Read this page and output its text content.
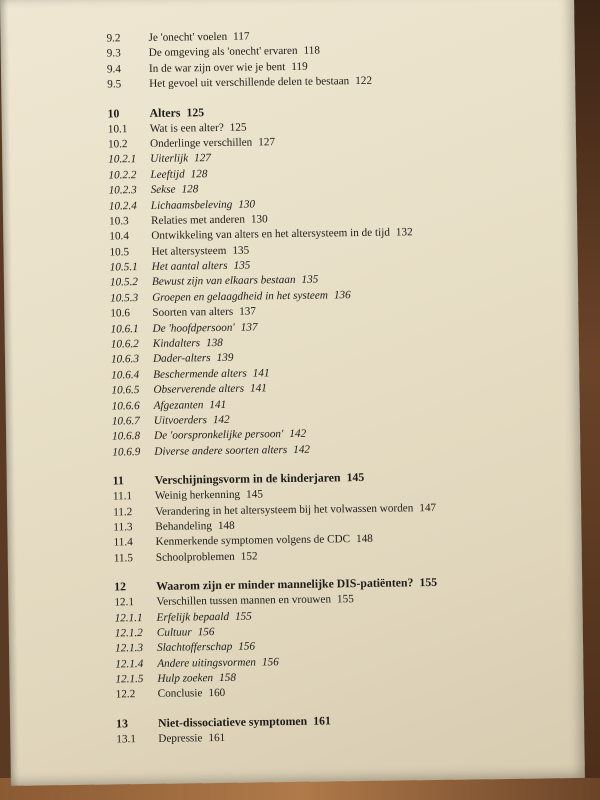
9.2	Je 'onecht' voelen 117
9.3	De omgeving als 'onecht' ervaren 118
9.4	In de war zijn over wie je bent 119
9.5	Het gevoel uit verschillende delen te bestaan 122
10	Alters 125
10.1	Wat is een alter? 125
10.2	Onderlinge verschillen 127
10.2.1	Uiterlijk 127
10.2.2	Leeftijd 128
10.2.3	Sekse 128
10.2.4	Lichaamsbeleving 130
10.3	Relaties met anderen 130
10.4	Ontwikkeling van alters en het altersysteem in de tijd 132
10.5	Het altersysteem 135
10.5.1	Het aantal alters 135
10.5.2	Bewust zijn van elkaars bestaan 135
10.5.3	Groepen en gelaagdheid in het systeem 136
10.6	Soorten van alters 137
10.6.1	De 'hoofdpersoon' 137
10.6.2	Kindalters 138
10.6.3	Dader-alters 139
10.6.4	Beschermende alters 141
10.6.5	Observerende alters 141
10.6.6	Afgezanten 141
10.6.7	Uitvoerders 142
10.6.8	De 'oorspronkelijke persoon' 142
10.6.9	Diverse andere soorten alters 142
11	Verschijningsvorm in de kinderjaren 145
11.1	Weinig herkenning 145
11.2	Verandering in het altersysteem bij het volwassen worden 147
11.3	Behandeling 148
11.4	Kenmerkende symptomen volgens de CDC 148
11.5	Schoolproblemen 152
12	Waarom zijn er minder mannelijke DIS-patiënten? 155
12.1	Verschillen tussen mannen en vrouwen 155
12.1.1	Erfelijk bepaald 155
12.1.2	Cultuur 156
12.1.3	Slachtofferschap 156
12.1.4	Andere uitingsvormen 156
12.1.5	Hulp zoeken 158
12.2	Conclusie 160
13	Niet-dissociatieve symptomen 161
13.1	Depressie 161
